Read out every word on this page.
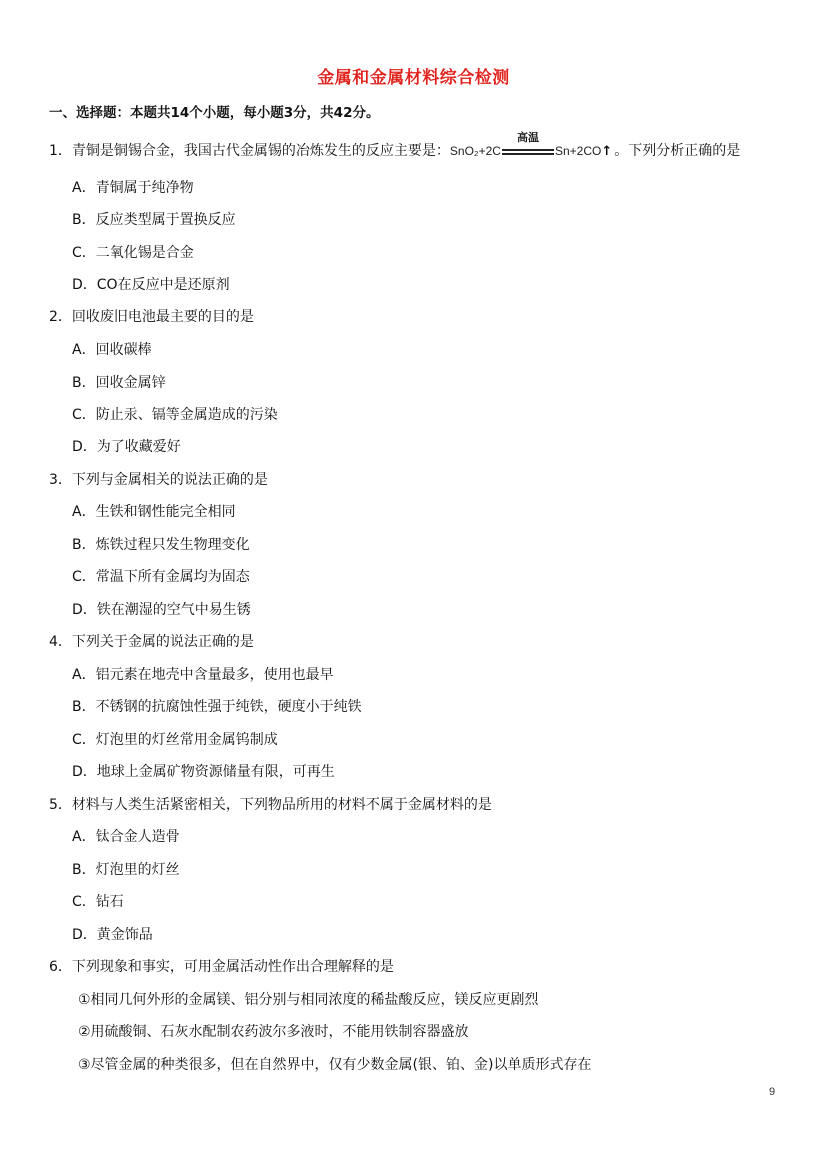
金属和金属材料综合检测
一、选择题：本题共14个小题，每小题3分，共42分。
1．青铜是铜锡合金，我国古代金属锡的冶炼发生的反应主要是：SnO₂+2C
高温
Sn+2CO↑ 。下列分析正确的是
A．青铜属于纯净物
B．反应类型属于置换反应
C．二氧化锡是合金
D．CO在反应中是还原剂
2．回收废旧电池最主要的目的是
A．回收碳棒
B．回收金属锌
C．防止汞、镉等金属造成的污染
D．为了收藏爱好
3．下列与金属相关的说法正确的是
A．生铁和钢性能完全相同
B．炼铁过程只发生物理变化
C．常温下所有金属均为固态
D．铁在潮湿的空气中易生锈
4．下列关于金属的说法正确的是
A．铝元素在地壳中含量最多，使用也最早
B．不锈钢的抗腐蚀性强于纯铁，硬度小于纯铁
C．灯泡里的灯丝常用金属钨制成
D．地球上金属矿物资源储量有限，可再生
5．材料与人类生活紧密相关，下列物品所用的材料不属于金属材料的是
A．钛合金人造骨
B．灯泡里的灯丝
C．钻石
D．黄金饰品
6．下列现象和事实，可用金属活动性作出合理解释的是
①相同几何外形的金属镁、铝分别与相同浓度的稀盐酸反应，镁反应更剧烈
②用硫酸铜、石灰水配制农药波尔多液时，不能用铁制容器盛放
③尽管金属的种类很多，但在自然界中，仅有少数金属(银、铂、金)以单质形式存在
9
